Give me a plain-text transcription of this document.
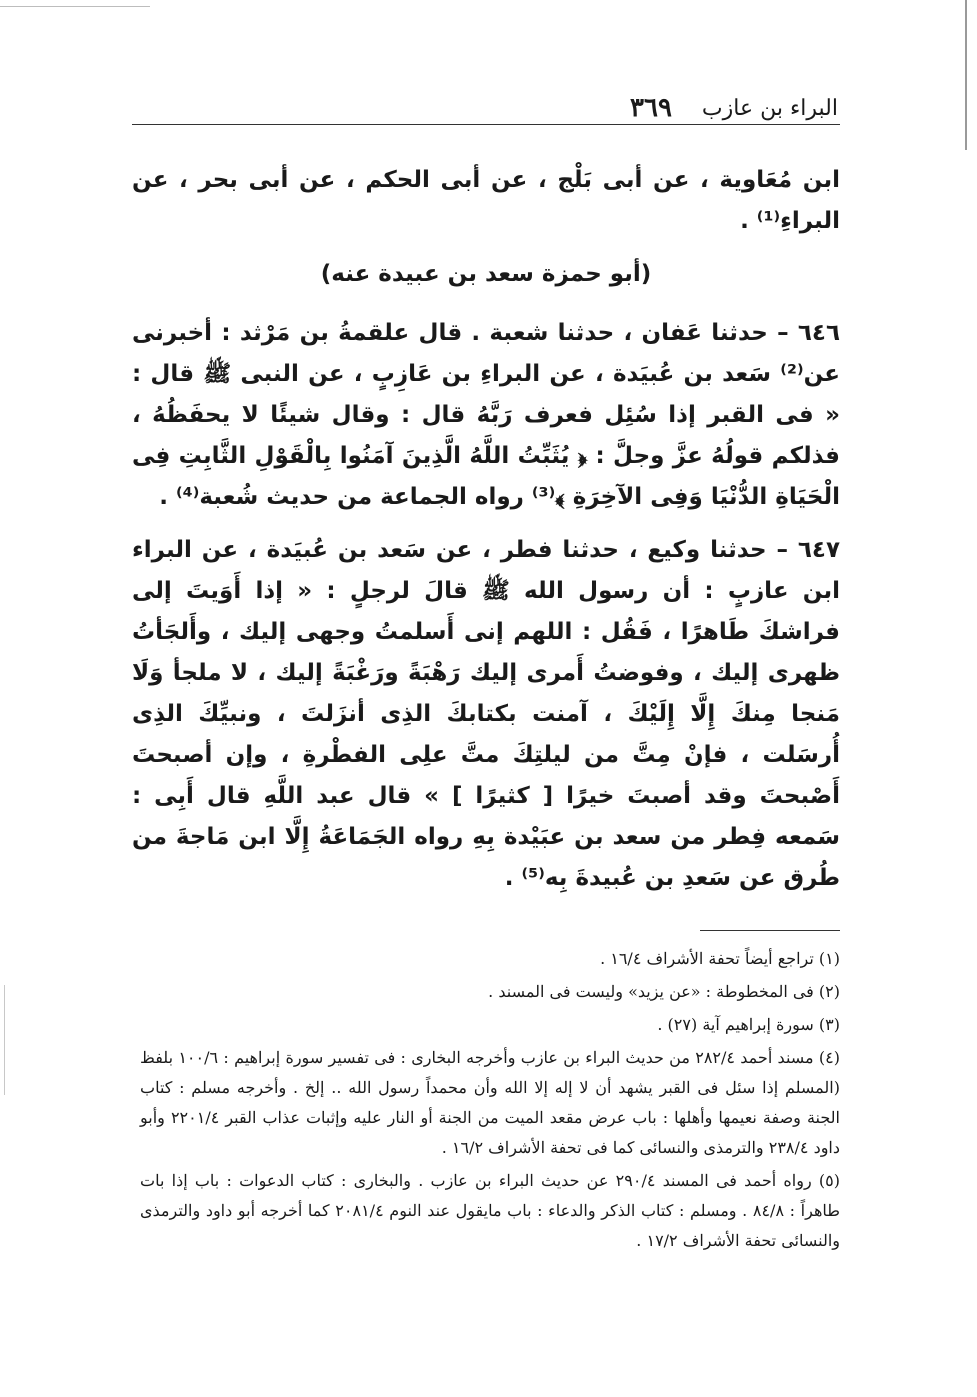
البراء بن عازب
٣٦٩

ابن مُعَاوية ، عن أبى بَلْج ، عن أبى الحكم ، عن أبى بحر ، عن البراءِ⁽¹⁾ .

(أبو حمزة سعد بن عبيدة عنه)

٦٤٦ – حدثنا عَفان ، حدثنا شعبة . قال علقمةُ بن مَرْثد : أخبرنى عن⁽²⁾ سَعد بن عُبيَدة ، عن البراءِ بن عَازِبٍ ، عن النبى ﷺ قال : « فى القبر إذا سُئِل فعرف رَبَّهُ قال : وقال شيئًا لا يحفَظُهُ ، فذلكم قولُهُ عزَّ وجلَّ : ﴿ يُثَبِّتُ اللَّهُ الَّذِينَ آمَنُوا بِالْقَوْلِ الثَّابِتِ فِى الْحَيَاةِ الدُّنْيَا وَفِى الآخِرَةِ ﴾⁽³⁾ رواه الجماعة من حديث شُعبة⁽⁴⁾ .

٦٤٧ – حدثنا وكيع ، حدثنا فطر ، عن سَعد بن عُبيَدة ، عن البراء ابن عازبٍ : أن رسول الله ﷺ قالَ لرجلٍ : « إذا أَوَيتَ إلى فراشكَ طَاهرًا ، فَقُل : اللهم إنى أَسلمتُ وجهى إليك ، وأَلجَأتُ ظهرى إليك ، وفوضتُ أَمرى إليك رَهْبَةً ورَغْبَةً إليك ، لا ملجأ وَلَا مَنجا مِنكَ إِلَّا إِلَيْكَ ، آمنت بكتابكَ الذِى أنزَلتَ ، ونبيِّكَ الذِى أُرسَلت ، فإنْ مِتَّ من ليلتِكَ متَّ علِى الفطْرةِ ، وإن أصبحتَ أَصْبحتَ وقد أصبتَ خيرًا [ كثيرًا ] » قال عبد اللَّهِ قال أَبِى : سَمعه فِطر من سعد بن عبَيْدة بِهِ رواه الجَمَاعَةُ إِلَّا ابن مَاجةَ من طُرق عن سَعدِ بن عُبيدةَ بِه⁽⁵⁾ .

(١) تراجع أيضاً تحفة الأشراف ١٦/٤ .

(٢) فى المخطوطة : «عن يزيد» وليست فى المسند .

(٣) سورة إبراهيم آية (٢٧) .

(٤) مسند أحمد ٢٨٢/٤ من حديث البراء بن عازب وأخرجه البخارى : فى تفسير سورة إبراهيم : ١٠٠/٦ بلفظ (المسلم إذا سئل فى القبر يشهد أن لا إله إلا الله وأن محمداً رسول الله .. إلخ . وأخرجه مسلم : كتاب الجنة وصفة نعيمها وأهلها : باب عرض مقعد الميت من الجنة أو النار عليه وإثبات عذاب القبر ٢٢٠١/٤ وأبو داود ٢٣٨/٤ والترمذى والنسائى كما فى تحفة الأشراف ١٦/٢ .

(٥) رواه أحمد فى المسند ٢٩٠/٤ عن حديث البراء بن عازب . والبخارى : كتاب الدعوات : باب إذا بات طاهراً : ٨٤/٨ . ومسلم : كتاب الذكر والدعاء : باب مايقول عند النوم ٢٠٨١/٤ كما أخرجه أبو داود والترمذى والنسائى تحفة الأشراف ١٧/٢ .
